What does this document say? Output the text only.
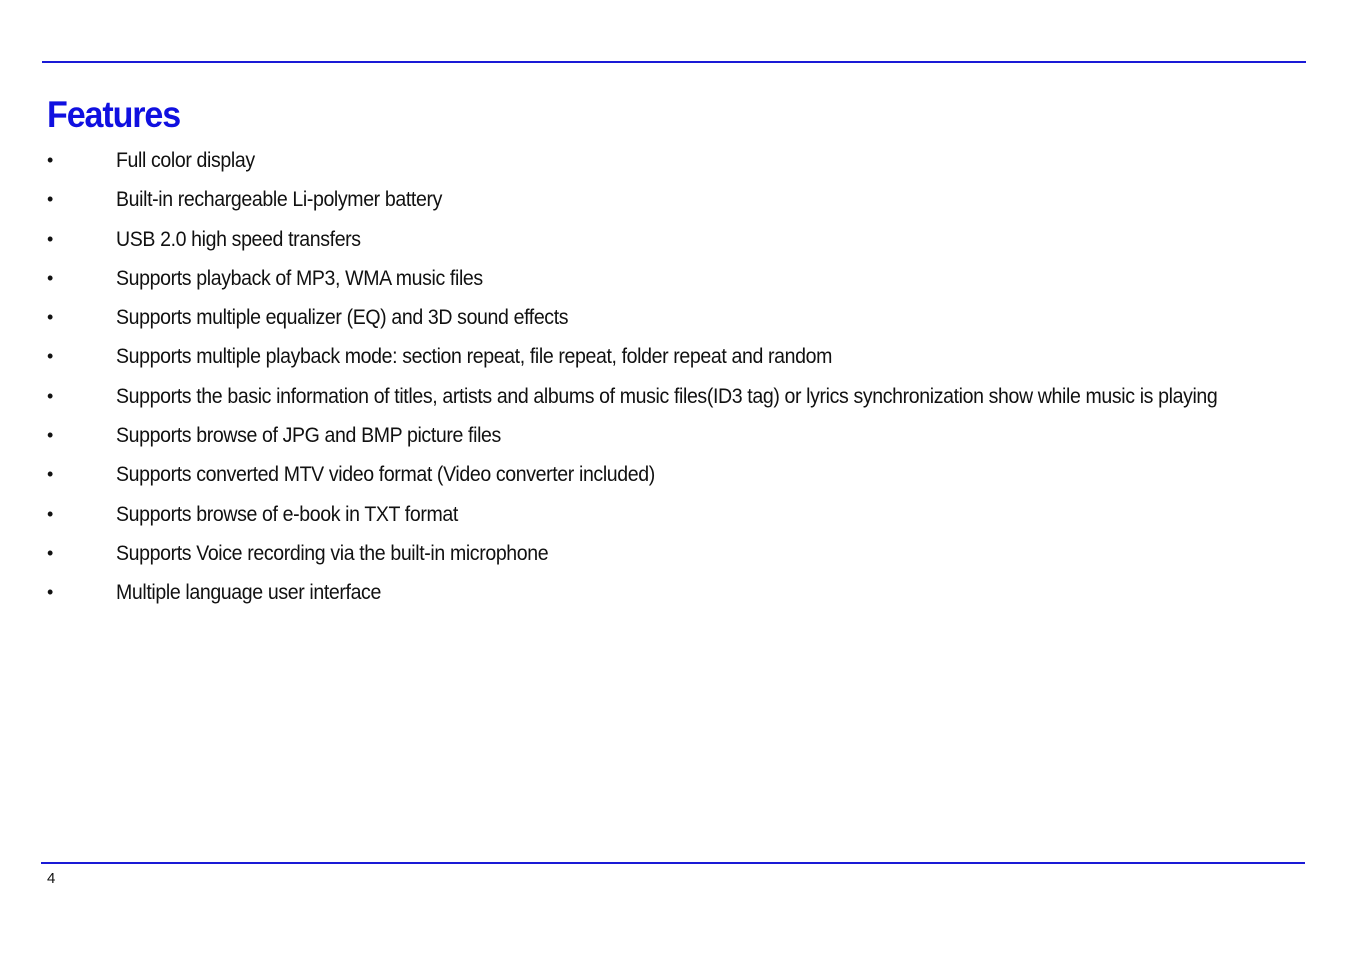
Features
•	Full color display
•	Built-in rechargeable Li-polymer battery
•	USB 2.0 high speed transfers
•	Supports playback of MP3, WMA music files
•	Supports multiple equalizer (EQ) and 3D sound effects
•	Supports multiple playback mode: section repeat, file repeat, folder repeat and random
•	Supports the basic information of titles, artists and albums of music files(ID3 tag) or lyrics synchronization show while music is playing
•	Supports browse of JPG and BMP picture files
•	Supports converted MTV video format (Video converter included)
•	Supports browse of e-book in TXT format
•	Supports Voice recording via the built-in microphone
•	Multiple language user interface
4
